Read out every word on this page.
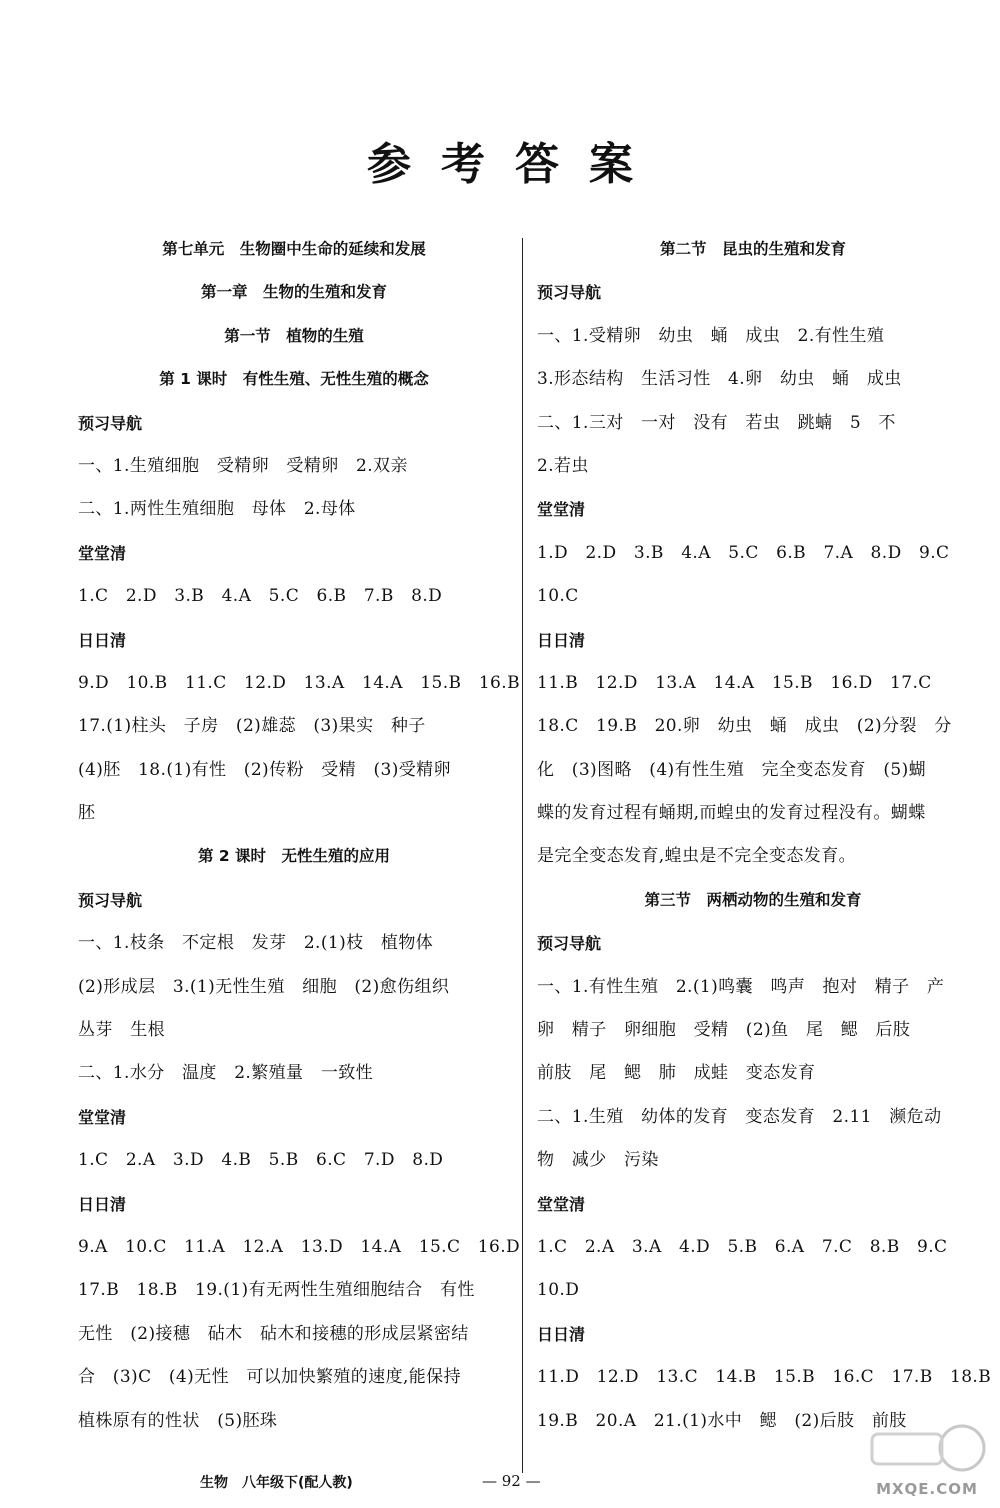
参考答案
第七单元　生物圈中生命的延续和发展
第一章　生物的生殖和发育
第一节　植物的生殖
第 1 课时　有性生殖、无性生殖的概念
预习导航
一、1.生殖细胞　受精卵　受精卵　2.双亲
二、1.两性生殖细胞　母体　2.母体
堂堂清
1.C　2.D　3.B　4.A　5.C　6.B　7.B　8.D
日日清
9.D　10.B　11.C　12.D　13.A　14.A　15.B　16.B
17.(1)柱头　子房　(2)雄蕊　(3)果实　种子
(4)胚　18.(1)有性　(2)传粉　受精　(3)受精卵
胚
第 2 课时　无性生殖的应用
预习导航
一、1.枝条　不定根　发芽　2.(1)枝　植物体
(2)形成层　3.(1)无性生殖　细胞　(2)愈伤组织
丛芽　生根
二、1.水分　温度　2.繁殖量　一致性
堂堂清
1.C　2.A　3.D　4.B　5.B　6.C　7.D　8.D
日日清
9.A　10.C　11.A　12.A　13.D　14.A　15.C　16.D
17.B　18.B　19.(1)有无两性生殖细胞结合　有性
无性　(2)接穗　砧木　砧木和接穗的形成层紧密结
合　(3)C　(4)无性　可以加快繁殖的速度,能保持
植株原有的性状　(5)胚珠
第二节　昆虫的生殖和发育
预习导航
一、1.受精卵　幼虫　蛹　成虫　2.有性生殖
3.形态结构　生活习性　4.卵　幼虫　蛹　成虫
二、1.三对　一对　没有　若虫　跳蝻　5　不
2.若虫
堂堂清
1.D　2.D　3.B　4.A　5.C　6.B　7.A　8.D　9.C
10.C
日日清
11.B　12.D　13.A　14.A　15.B　16.D　17.C
18.C　19.B　20.卵　幼虫　蛹　成虫　(2)分裂　分
化　(3)图略　(4)有性生殖　完全变态发育　(5)蝴
蝶的发育过程有蛹期,而蝗虫的发育过程没有。蝴蝶
是完全变态发育,蝗虫是不完全变态发育。
第三节　两栖动物的生殖和发育
预习导航
一、1.有性生殖　2.(1)鸣囊　鸣声　抱对　精子　产
卵　精子　卵细胞　受精　(2)鱼　尾　鳃　后肢
前肢　尾　鳃　肺　成蛙　变态发育
二、1.生殖　幼体的发育　变态发育　2.11　濒危动
物　减少　污染
堂堂清
1.C　2.A　3.A　4.D　5.B　6.A　7.C　8.B　9.C
10.D
日日清
11.D　12.D　13.C　14.B　15.B　16.C　17.B　18.B
19.B　20.A　21.(1)水中　鳃　(2)后肢　前肢
生物　八年级下(配人教)	— 92 —	MXQE.COM
